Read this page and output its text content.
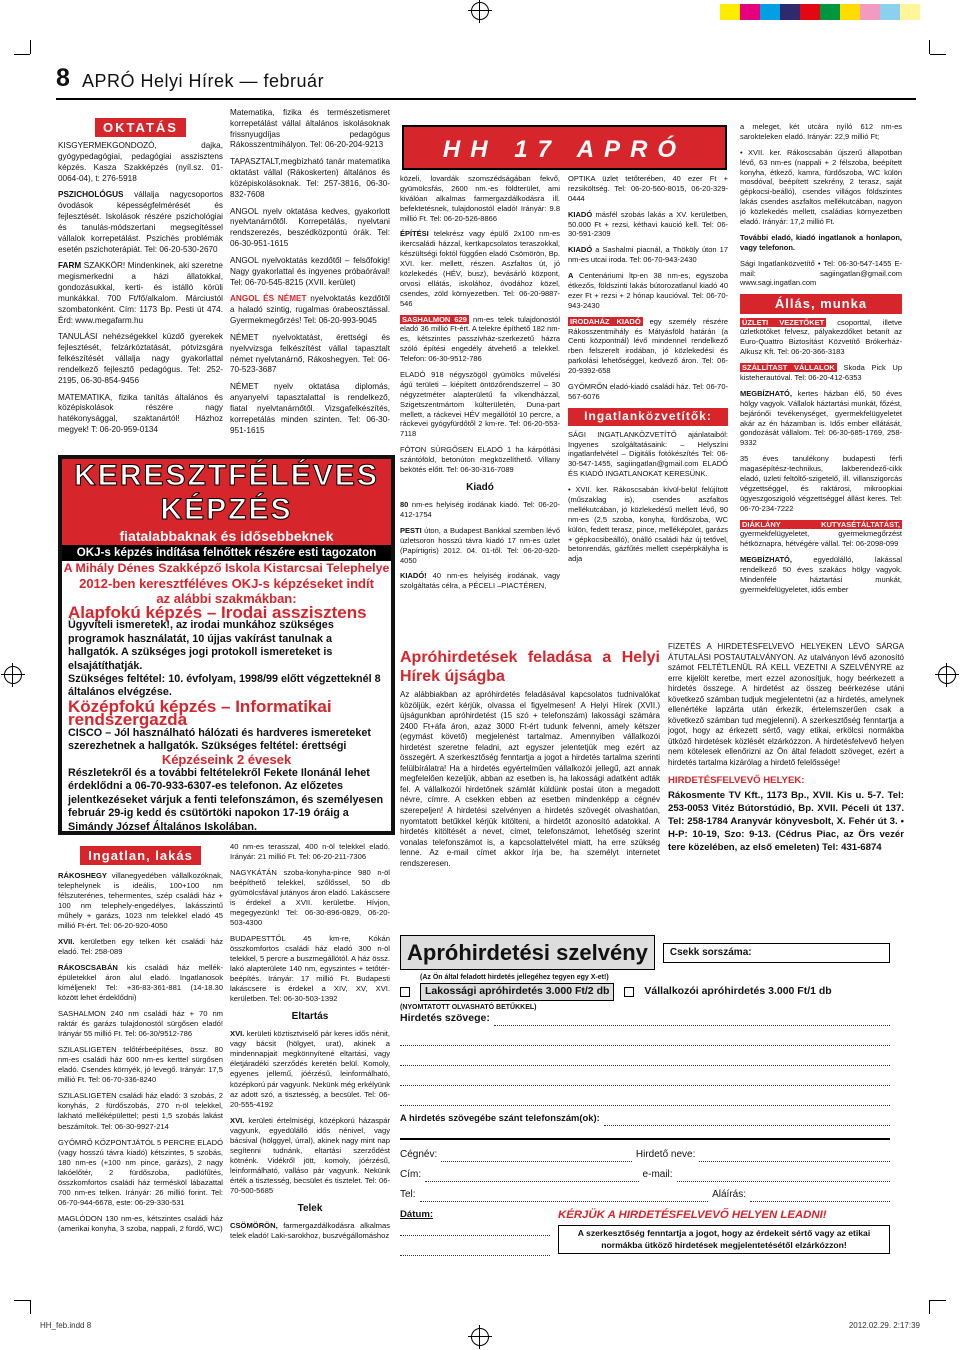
8 APRÓ Helyi Hírek — február
OKTATÁS

KISGYERMEKGONDOZÓ, dajka, gyógypedagógiai, pedagógiai asszisztens képzés. Kasza Szakképzés (nyíl.sz. 01-0064-04), t: 276-5918

PSZICHOLÓGUS vállalja nagycsoportos óvodások képességfelmérését és fejlesztését. Iskolások részére pszichológiai és tanulás-módszertani megsegítéssel vállalok korrepetálást. Pszichés problémák esetén pszichoterápiát. Tel: 06-20-530-2670

FARM SZAKKÖR! Mindenkinek, aki szeretne megismerkedni a házi állatokkal, gondozásukkal, kerti- és istálló körüli munkákkal. 700 Ft/fő/alkalom. Márciustól szombatonként. Cím: 1173 Bp. Pesti út 474. Érd: www.megafarm.hu

TANULÁSI nehézségekkel küzdő gyerekek fejlesztését, felzárkóztatását, pótvizsgára felkészítését vállalja nagy gyakorlattal rendelkező fejlesztő pedagógus. Tel: 252-2195, 06-30-854-9456

MATEMATIKA, fizika tanítás általános és középiskolások részére nagy hatékonysággal, szaktanártól! Házhoz megyek! T: 06-20-959-0134

Matematika, fizika és természetismeret korrepetálást vállal általános iskolásoknak frissnyugdíjas pedagógus Rákosszentmihályon. Tel: 06-20-204-9213

TAPASZTALT,megbízható tanár matematika oktatást vállal (Rákoskerten) általános és középiskolásoknak. Tel: 257-3816, 06-30-832-7608

ANGOL nyelv oktatása kedves, gyakorlott nyelvtanárnőtől. Korrepetálás, nyelvtani rendszerezés, beszédközpontú órák. Tel: 06-30-951-1615

ANGOL nyelvoktatás kezdőtől – felsőfokig! Nagy gyakorlattal és ingyenes próbaórával! Tel: 06-70-545-8215 (XVII. kerület)

ANGOL ÉS NÉMET nyelvoktatás kezdőtől a haladó szintig, rugalmas órabeosztással. Gyermekmegőrzés! Tel: 06-20-993-9045

NÉMET nyelvoktatást, érettségi és nyelvvizsga felkészítést vállal tapasztalt német nyelvtanárnő, Rákoshegyen. Tel: 06-70-523-3687

NÉMET nyelv oktatása diplomás, anyanyelvi tapasztalattal is rendelkező, fiatal nyelvtanárnőtől. Vizsgafelkészítés, korrepetálás minden szinten. Tel: 06-30-951-1615

KERESZTFÉLÉVES KÉPZÉS
fiatalabbaknak és idősebbeknek
OKJ-s képzés indítása felnőttek részére esti tagozaton
A Mihály Dénes Szakképző Iskola Kistarcsai Telephelye
2012-ben keresztféléves OKJ-s képzéseket indít az alábbi szakmákban:
Alapfokú képzés – Irodai asszisztens
Ügyviteli ismeretek!, az irodai munkához szükséges programok használatát, 10 újjas vakírást tanulnak a hallgatók. A szükséges jogi protokoll ismereteket is elsajátíthatják.
Szükséges feltétel: 10. évfolyam, 1998/99 előtt végzetteknél 8 általános elvégzése.
Középfokú képzés – Informatikai rendszergazda
CISCO – Jól használható hálózati és hardveres ismereteket szerezhetnek a hallgatók. Szükséges feltétel: érettségi
Képzéseink 2 évesek
Részletekről és a további feltételekről Fekete Ilonánál lehet érdeklődni a 06-70-933-6307-es telefonon. Az előzetes jelentkezéseket várjuk a fenti telefonszámon, és személyesen február 29-ig kedd és csütörtöki napokon 17-19 óráig a Simándy József Általános Iskolában.
Ingatlan, lakás

RÁKOSHEGY villanegyedében vállalkozóknak, telephelynek is ideális, 100+100 nm félszuterénes, tehermentes, szép családi ház + 100 nm telephely-engedélyes, lakásszintű műhely + garázs, 1023 nm telekkel eladó 45 millió Ft-ért. Tel: 06-20-920-4050

XVII. kerületben egy telken két családi ház eladó. Tel: 258-089

RÁKOSCSABÁN kis családi ház mellék-épületekkel áron alul eladó. Ingatlanosok kíméljenek! Tel: +36-83-361-881 (14-18.30 között lehet érdeklődni)

SASHALMON 240 nm családi ház + 70 nm raktár és garázs tulajdonostól sürgősen eladó! Irányár 55 millió Ft. Tel: 06-30/9512-786

SZILASLIGETEN telőtérbeépítéses, össz. 80 nm-es családi ház 600 nm-es kerttel sürgősen eladó. Csendes környék, jó levegő. Irányár: 17,5 millió Ft. Tel: 06-70-336-8240

SZILASLIGETEN családi ház eladó: 3 szobás, 2 konyhás, 2 fürdőszobás, 270 n-öl telekkel, lakható melléképülettel; pesti 1,5 szobás lakást beszámítok. Tel: 06-30-9927-214

GYÖMRŐ KÖZPONTJÁTÓL 5 PERCRE ELADÓ (vagy hosszú távra kiadó) kétszintes, 5 szobás, 180 nm-es (+100 nm pince, garázs), 2 nagy lakóelőtér, 2 fürdőszoba, padlófűtés, összkomfortos családi ház termésköl lábazattal 700 nm-es telken. Irányár: 26 millió forint. Tel: 06-70-944-6678, este: 06-29-330-531

MAGLÓDON 130 nm-es, kétszintes családi ház (amerikai konyha, 3 szoba, nappali, 2 fürdő, WC)

40 nm-es terasszal, 400 n-öl telekkel eladó. Irányár: 21 millió Ft. Tel: 06-20-211-7306

NAGYKÁTÁN szoba-konyha-pince 980 n-öl beépíthető telekkel, szőlőssel, 50 db gyümölcsfával jutányos áron eladó. Lakáscsere is érdekel a XVII. kerületbe. Hívjon, megegyezünk! Tel: 06-30-896-0829, 06-20-503-4300

BUDAPESTTŐL 45 km-re, Kókán összkomfortos családi ház eladó 300 n-öl telekkel, 5 percre a buszmegállótól. A ház össz. lakó alapterülete 140 nm, egyszintes + tetőtér-beépítés. Irányár: 17 millió Ft. Budapesti lakáscsere is érdekel a XIV, XV, XVI. kerületben. Tel: 06-30-503-1392

Eltartás

XVI. kerületi köztisztviselő pár keres idős nénit, vagy bácsit (hölgyet, urat), akinek a mindennapjait megkönnyítené eltartási, vagy életjáradéki szerződés keretén belül. Komoly, egyenes jellemű, jóérzésű, leinformálható, középkorú pár vagyunk. Nekünk még erkélyünk az adott szó, a tisztesség, a becsület. Tel: 06-20-555-4192

XVI. kerületi értelmiségi, középkorú házaspár vagyunk, egyedülálló idős nénivel, vagy bácsival (hölggyel, úrral), akinek nagy mint nap segítenni tudnánk, eltartási szerződést kötnénk. Vidékről jött, komoly, jóérzésű, leinformálható, valláso pár vagyunk. Nekünk érték a tisztesség, becsület és tisztelet. Tel: 06-70-500-5685

Telek

CSÖMÖRÖN, farmergazdálkodásra alkalmas telek eladó! Laki-sarokhoz, buszvégállomáshoz

HH 17 APRÓ

közeli, lovardák szomszédságában fekvő, gyümölcsfás, 2600 nm.-es földterület, ami kiválóan alkalmas farmergazdálkodásra ill. befektetésnek, tulajdonostól eladó! Irányár: 9.8 millió Ft. Tel: 06-20-526-8866

ÉPÍTÉSI telekrész vagy épülő 2x100 nm-es ikercsaládi házzal, kertkapcsolatos teraszokkal, készültségi foktól függően eladó Csömörön, Bp. XVI. ker. mellett, részen. Aszfaltos út, jó közlekedés (HÉV, busz), bevásárló központ, orvosi ellátás, iskolához, óvodához közel, csendes, zöld környezetben. Tel: 06-20-9887-546

SASHALMON 629 nm-es telek tulajdonostól eladó 36 millió Ft-ért. A telekre építhető 182 nm-es, kétszintes passzívház-szerkezetű házra szóló építési engedély átvehető a telekkel. Telefon: 06-30-9512-786

ELADÓ 918 négyszögöl gyümölcs művelési ágú területi – kiépített öntözőrendszerrel – 30 négyzetméter alapterületű fa víkendházzal, Szigetszentmártom külterületén, Duna-part mellett, a ráckevei HÉV megállótól 10 percre, a ráckevei gyógyfürdőtől 2 km-re. Tel: 06-20-553-7118

FÓTON SÜRGŐSEN ELADÓ 1 ha kárpótlási szántóföld, betonúton megközelíthető. Villany bekötés előtt. Tel: 06-30-316-7089

Kiadó

80 nm-es helyiség irodának kiadó. Tel: 06-20-412-1754

PESTI úton, a Budapest Bankkal szemben lévő üzletsoron hosszú távra kiadó 17 nm-es üzlet (Papírtigris) 2012. 04. 01-től. Tel: 06-20-920-4050

KIADÓ! 40 nm-es helyiség irodának, vagy szolgáltatás célra, a PÉCELI –PIACTÉREN,

OPTIKA üzlet tetőterében, 40 ezer Ft + rezsiköltség. Tel: 06-20-560-8015, 06-20-329-0444

KIADÓ másfél szobás lakás a XV. kerületben, 50.000 Ft + rezsi, kéthavi kaució kell. Tel: 06-30-591-2309

KIADÓ a Sashalmi piacnál, a Thököly úton 17 nm-es utcai iroda. Tel: 06-70-943-2430

A Centenáriumi ltp-en 38 nm-es, egyszoba étkezős, földszinti lakás bútorozatlanul kiadó 40 ezer Ft + rezsi + 2 hónap kaucióval. Tel: 06-70-943-2430

IRODAHÁZ KIADÓ egy személy részére Rákosszentmihály és Mátyásföld határán (a Centi központnál) lévő mindennel rendelkező rben felszerelt irodában, jó közlekedési és parkolási lehetőséggel, kedvező áron. Tel: 06-20-9392-658

GYÖMRŐN eladó-kiadó családi ház. Tel: 06-70-567-6076

Ingatlanközvetítők:

SÁGI INGATLANKÖZVETÍTŐ ajánlataiból: Ingyenes szolgáltatásaink: – Helyszíni ingatlanfelvétel – Digitális fotókészítés Tel: 06-30-547-1455, sagiingatlan@gmail.com ELADÓ ÉS KIADÓ INGATLANOKAT KERESÜNK.

• XVII. ker. Rákoscsabán kívül-belül felújított (műszaklag is), csendes aszfaltos mellékutcában, jó közlekedésű mellett lévő, 90 nm-es (2,5 szoba, konyha, fürdőszoba, WC külön, fedett terasz, pince, melléképület, garázs + gépkocsibeálló), önálló családi ház új tetővel, betonrendás, gázfűtés mellett csepérpkályha is adja

a meleget, két utcára nyíló 612 nm-es sarokteleken eladó. Irányár: 22,9 millió Ft;

• XVII. ker. Rákoscsabán újszerű állapotban lévő, 63 nm-es (nappali + 2 félszoba, beépített konyha, étkező, kamra, fürdőszoba, WC külön mosdóval, beépített szekrény, 2 terasz, saját gépkocsi-beálló), csendes villágos földszintes lakás csendes aszfaltos mellékutcában, nagyon jó közlekedés mellett, családias környezetben eladó. Irányár: 17,2 millió Ft.

További eladó, kiadó ingatlanok a honlapon, vagy telefonon.

Sági Ingatlanközvetítő • Tel: 06-30-547-1455 E-mail: sagiingatlan@gmail.com www.sagi.ingatlan.com

Állás, munka

ÜZLETI VEZETŐKET csoporttal, illetve üzletkötőket felvesz, pályakezdőket betanít az Euro-Quattro Biztosítást Közvetítő Brókerház-Alkusz Kft. Tel: 06-20-366-3183

SZÁLLÍTAST VÁLLALOK Skoda Pick Up kisteherautóval. Tel: 06-20-412-6353

MEGBÍZHATÓ, kertes házban élő, 50 éves hölgy vagyok. Vállalok háztartási munkát, főzést, bejárónői tevékenységet, gyermekfelügyeletet akár az én házamban is. Idős ember ellátását, gondozását vállalom. Tel: 06-30-685-1769, 258-9332

35 éves tanulékony budapesti férfi magasépítész-technikus, lakberendező-cikk eladó, üzleti feltöltő-szigetelő, ill. villanszigorcás végzettséggel, és raktárosi, mikroopkiai ügyeszgoszigoló végzettséggel állást keres. Tel: 06-70-234-7222

DIÁKLÁNY KUTYASÉTÁLTATÁST, gyermekfelügyeletet, gyermekmegőrzést hétköznapra, hétvégére vállal. Tel: 06-2098-099

MEGBÍZHATÓ, egyedülálló, lakással rendelkező 50 éves szakács hölgy vagyok. Mindenféle háztartási munkát, gyermekfelügyeletet, idős ember

Apróhirdetések feladása a Helyi Hírek újságba

Az alábbiakban az apróhirdetés feladásával kapcsolatos tudnivalókat közöljük, ezért kérjük, olvassa el figyelmesen! A Helyi Hírek (XVII.) újságunkban apróhirdetést (15 szó + telefonszám) lakossági számára 2400 Ft+áfa áron, azaz 3000 Ft-ért tudunk felvenni, amely kétszer (egymást követő) megjelenést tartalmaz. Amennyiben vállalkozói hirdetést szeretne feladni, azt egyszer jelentetjük meg ezért az összegért. A szerkesztőség fenntartja a jogot a hirdetés tartalma szerinti felülbírálatra! Ha a hirdetés egyértelműen vállalkozói jellegű, azt annak megfelelően kezeljük, abban az esetben is, ha lakossági adatként adták fel. A vállalkozói hirdetőnek számlát küldünk postai úton a megadott névre, címre. A csekken ebben az esetben mindenképp a cégnév szerepeljen! A hirdetési szelvényen a hirdetés szövegét olvashatóan, nyomtatott betűkkel kérjük kitölteni, a hirdetőt azonosító adatokkal. A hirdetés kitöltését a nevet, címet, telefonszámot, lehetőség szerint vonalas telefonszámot is, a kapcsolattelvétel miatt, ha erre szükség lenne. Az e-mail címet akkor írja be, ha személyt internetet rendszeresen.

FIZETÉS A HIRDETÉSFELVEVŐ HELYEKEN LÉVŐ SÁRGA ÁTUTALÁSI POSTAUTALVÁNYON. Az utalványon lévő azonosító számot FELTÉTLENÜL RÁ KELL VEZETNI A SZELVÉNYRE az erre kijelölt keretbe, mert ezzel azonosítjuk, hogy beérkezett a hirdetés összege. A hirdetést az összeg beérkezése utáni következő számban tudjuk megjelentetni (az a hirdetés, amelynek ellenértéke lapzárta után érkezik, értelemszerűen csak a következő számban tud megjelenni). A szerkesztőség fenntartja a jogot, hogy az érkezett sértő, vagy etikai, erkölcsi normákba ütköző hirdetések közlését elzárkózzon. A hirdetésfelvevő helyen nem kötelesek ellenőrizni az Ön által feladott szöveget, ezért a hirdetés tartalma kizárólag a hirdető felelőssége!

HIRDETÉSFELVEVŐ HELYEK:

Rákosmente TV Kft., 1173 Bp., XVII. Kis u. 5-7. Tel: 253-0053 Vitéz Bútorstúdió, Bp. XVII. Péceli út 137. Tel: 258-1784 Aranyvár könyvesbolt, X. Fehér út 3. • H-P: 10-19, Szo: 9-13. (Cédrus Piac, az Örs vezér tere közelében, az első emeleten) Tel: 431-6874

Apróhirdetési szelvény	Csekk sorszáma:
(Az Ön által feladott hirdetés jellegéhez tegyen egy X-et!)
Lakossági apróhirdetés 3.000 Ft/2 db	Vállalkozói apróhirdetés 3.000 Ft/1 db
(NYOMTATOTT OLVASHATÓ BETŰKKEL)
Hirdetés szövege:
A hirdetés szövegébe szánt telefonszám(ok):
Cégnév:	Hirdető neve:
Cím:	e-mail:
Tel:	Aláírás:
Dátum:	KÉRJÜK A HIRDETÉSFELVEVŐ HELYEN LEADNI!
A szerkesztőség fenntartja a jogot, hogy az érdekeit sértő vagy az etikai normákba ütköző hirdetések megjelentetésétől elzárkózzon!
HH_feb.indd 8	2012.02.29. 2:17:39
